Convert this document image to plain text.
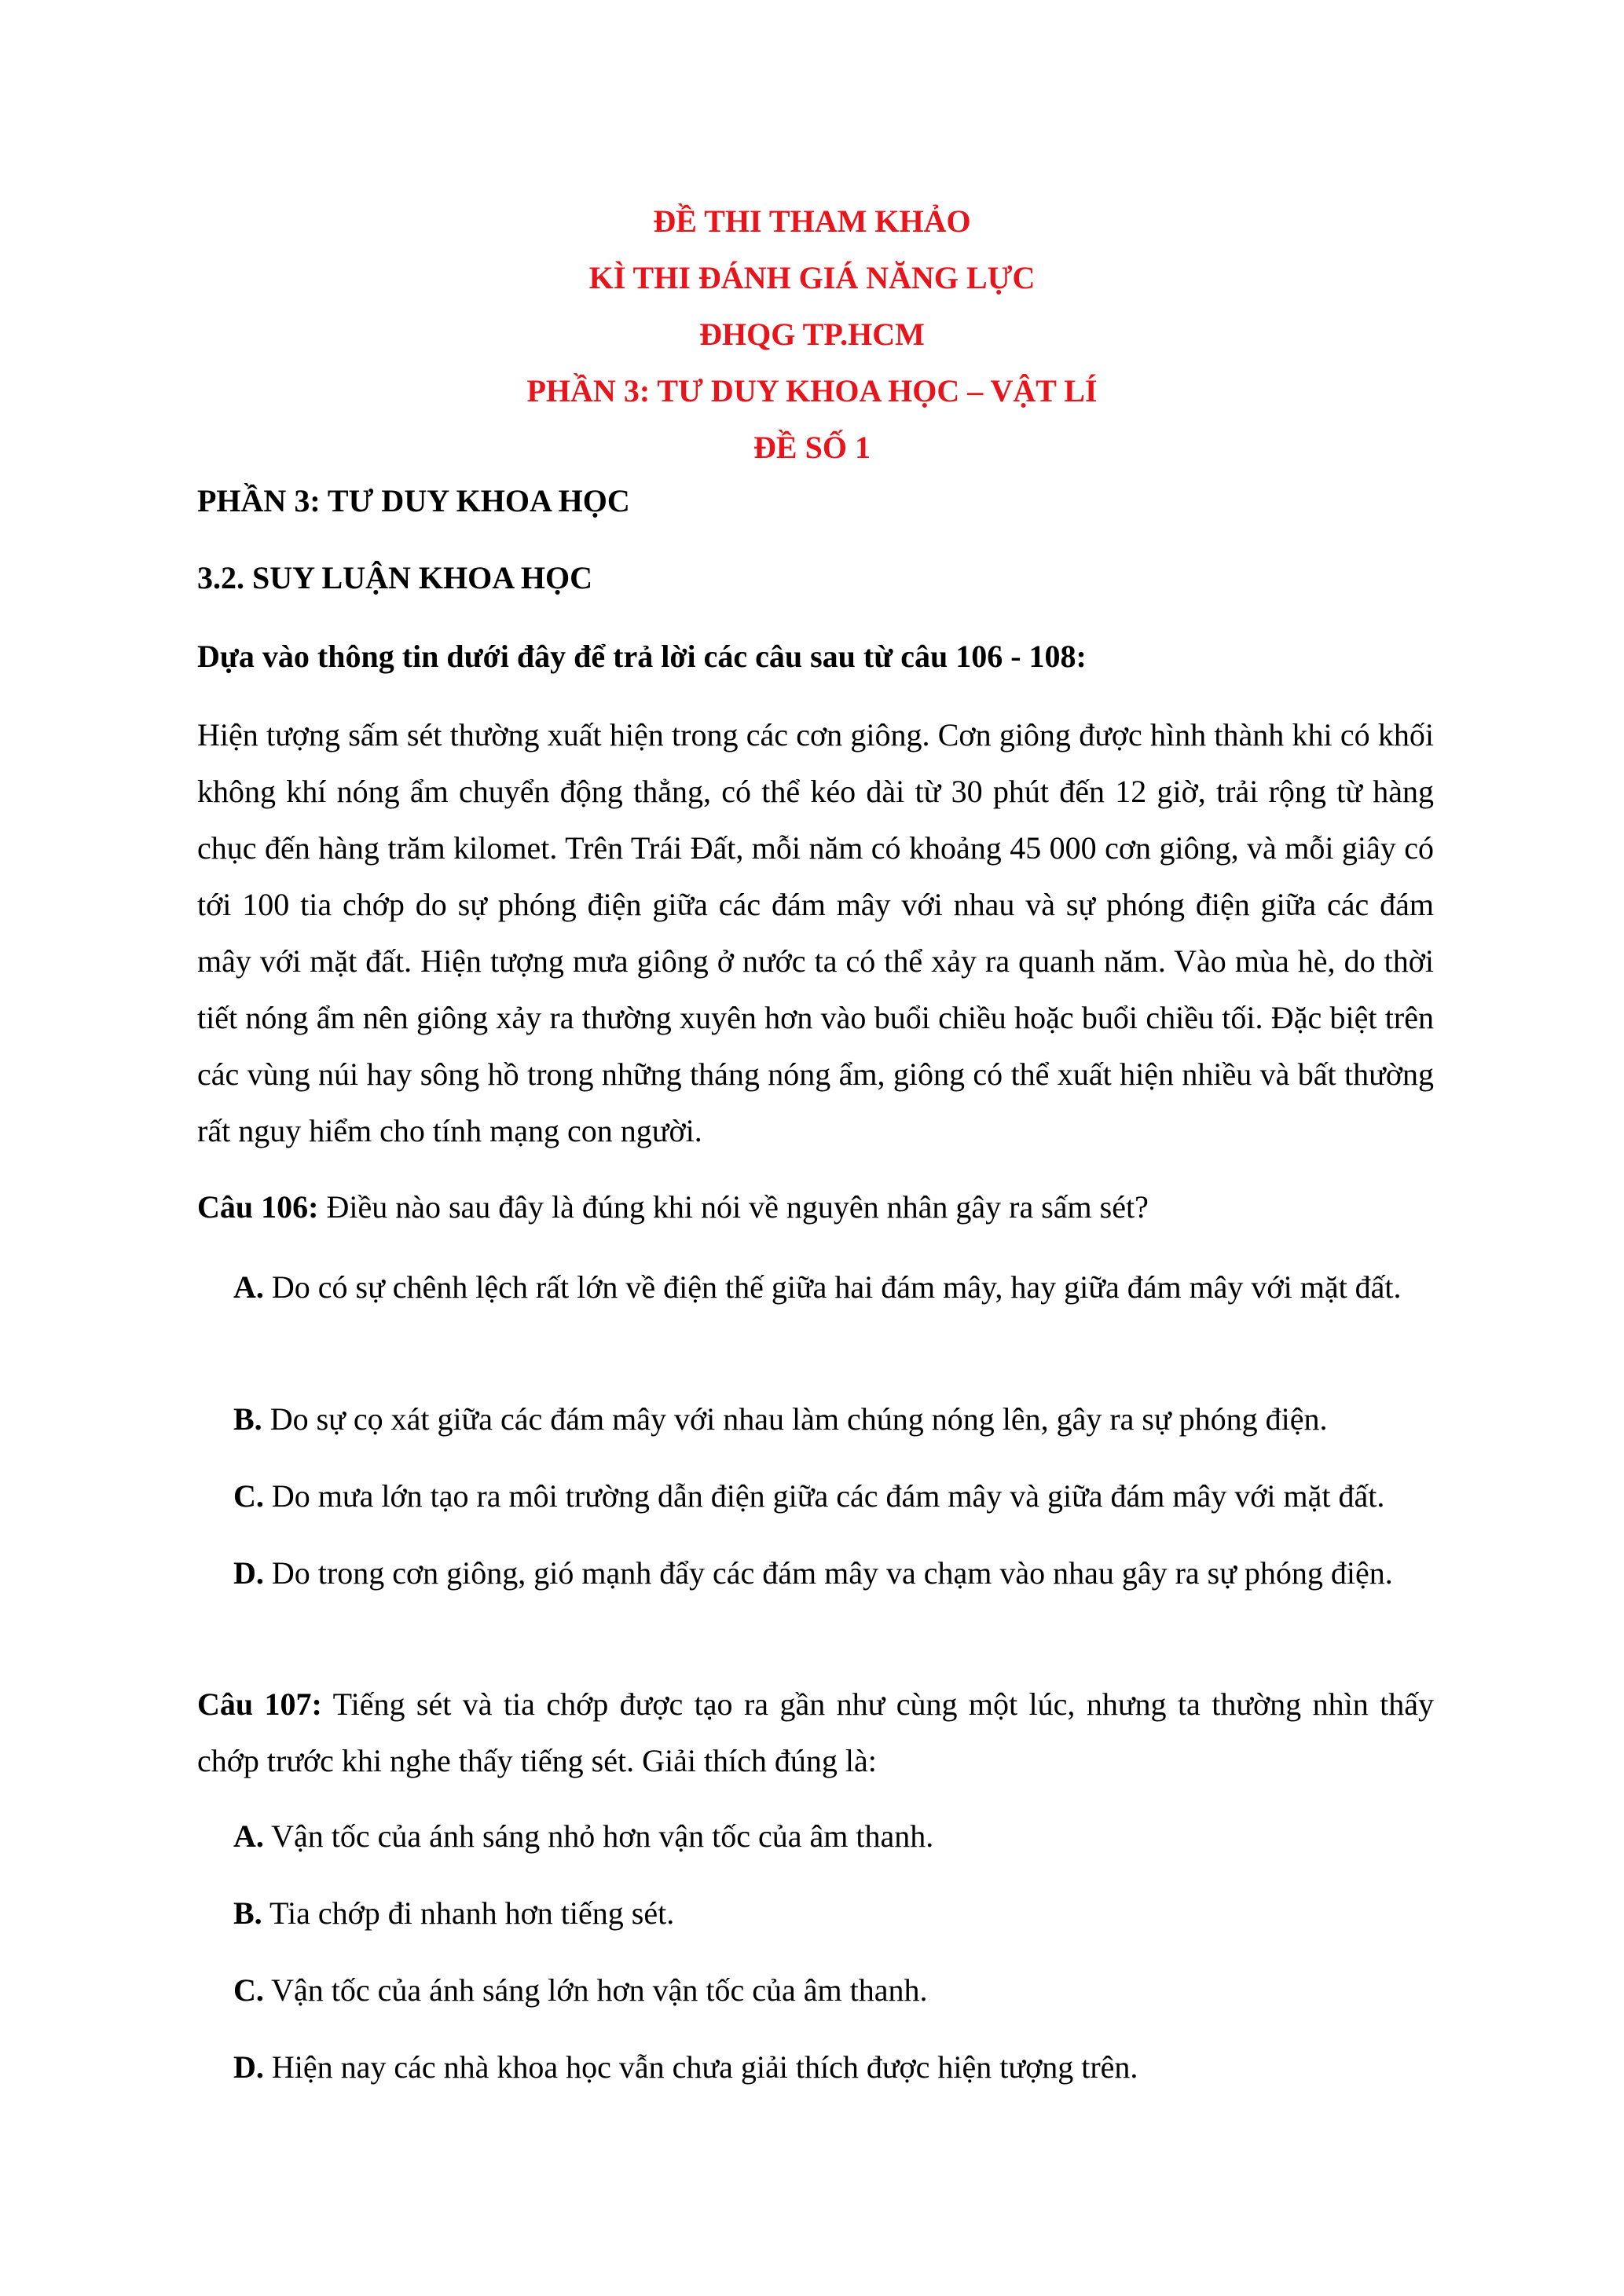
ĐỀ THI THAM KHẢO
KÌ THI ĐÁNH GIÁ NĂNG LỰC
ĐHQG TP.HCM
PHẦN 3: TƯ DUY KHOA HỌC – VẬT LÍ
ĐỀ SỐ 1
PHẦN 3: TƯ DUY KHOA HỌC
3.2. SUY LUẬN KHOA HỌC
Dựa vào thông tin dưới đây để trả lời các câu sau từ câu 106 - 108:
Hiện tượng sấm sét thường xuất hiện trong các cơn giông. Cơn giông được hình thành khi có khối không khí nóng ẩm chuyển động thẳng, có thể kéo dài từ 30 phút đến 12 giờ, trải rộng từ hàng chục đến hàng trăm kilomet. Trên Trái Đất, mỗi năm có khoảng 45 000 cơn giông, và mỗi giây có tới 100 tia chớp do sự phóng điện giữa các đám mây với nhau và sự phóng điện giữa các đám mây với mặt đất. Hiện tượng mưa giông ở nước ta có thể xảy ra quanh năm. Vào mùa hè, do thời tiết nóng ẩm nên giông xảy ra thường xuyên hơn vào buổi chiều hoặc buổi chiều tối. Đặc biệt trên các vùng núi hay sông hồ trong những tháng nóng ẩm, giông có thể xuất hiện nhiều và bất thường rất nguy hiểm cho tính mạng con người.
Câu 106: Điều nào sau đây là đúng khi nói về nguyên nhân gây ra sấm sét?
A. Do có sự chênh lệch rất lớn về điện thế giữa hai đám mây, hay giữa đám mây với mặt đất.
B. Do sự cọ xát giữa các đám mây với nhau làm chúng nóng lên, gây ra sự phóng điện.
C. Do mưa lớn tạo ra môi trường dẫn điện giữa các đám mây và giữa đám mây với mặt đất.
D. Do trong cơn giông, gió mạnh đẩy các đám mây va chạm vào nhau gây ra sự phóng điện.
Câu 107: Tiếng sét và tia chớp được tạo ra gần như cùng một lúc, nhưng ta thường nhìn thấy chớp trước khi nghe thấy tiếng sét. Giải thích đúng là:
A. Vận tốc của ánh sáng nhỏ hơn vận tốc của âm thanh.
B. Tia chớp đi nhanh hơn tiếng sét.
C. Vận tốc của ánh sáng lớn hơn vận tốc của âm thanh.
D. Hiện nay các nhà khoa học vẫn chưa giải thích được hiện tượng trên.
